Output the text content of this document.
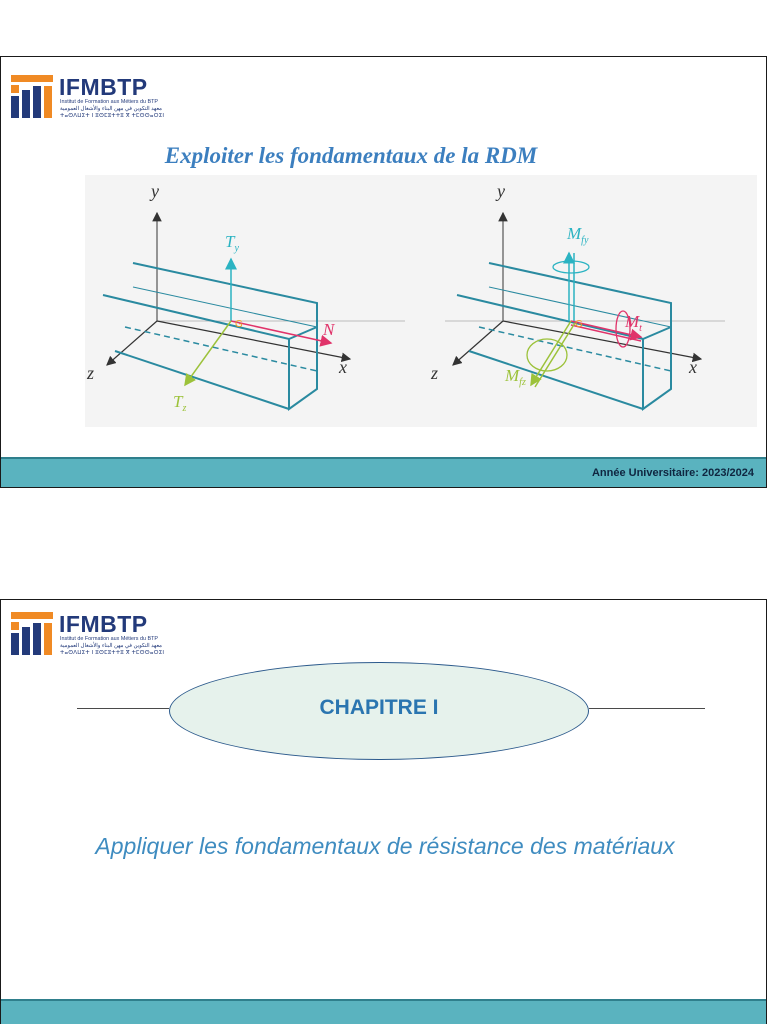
IFMBTP
Institut de Formation aux Métiers du BTP
معهد التكوين في مهن البناء والأشغال العمومية
ⵜⴰⵙⴷⵡⵉⵜ ⵏ ⵓⵙⵎⵓⵜⵜⵓ ⴳ ⵜⵎⵙⵙⴰⵔⵉⵏ
Exploiter les fondamentaux de la RDM
G
$T_y$
N
$T_z$
y
x
z
G
$M_{fy}$
$M_t$
$M_{fz}$
y
x
z
Année Universitaire: 2023/2024
IFMBTP
Institut de Formation aux Métiers du BTP
معهد التكوين في مهن البناء والأشغال العمومية
ⵜⴰⵙⴷⵡⵉⵜ ⵏ ⵓⵙⵎⵓⵜⵜⵓ ⴳ ⵜⵎⵙⵙⴰⵔⵉⵏ
CHAPITRE I
Appliquer les fondamentaux de résistance des matériaux
